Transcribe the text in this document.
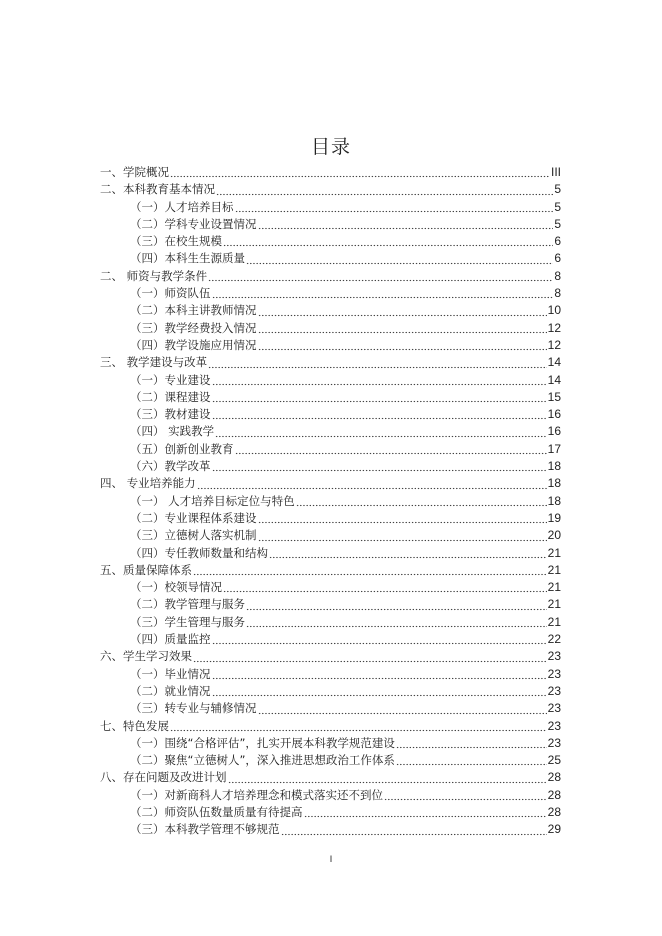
目录
一、学院概况	III
二、本科教育基本情况	5
（一）人才培养目标	5
（二）学科专业设置情况	5
（三）在校生规模	6
（四）本科生生源质量	6
二、 师资与教学条件	8
（一）师资队伍	8
（二）本科主讲教师情况	10
（三）教学经费投入情况	12
（四）教学设施应用情况	12
三、 教学建设与改革	14
（一）专业建设	14
（二）课程建设	15
（三）教材建设	16
（四） 实践教学	16
（五）创新创业教育	17
（六）教学改革	18
四、 专业培养能力	18
（一） 人才培养目标定位与特色	18
（二）专业课程体系建设	19
（三）立德树人落实机制	20
（四）专任教师数量和结构	21
五、质量保障体系	21
（一）校领导情况	21
（二）教学管理与服务	21
（三）学生管理与服务	21
（四）质量监控	22
六、学生学习效果	23
（一）毕业情况	23
（二）就业情况	23
（三）转专业与辅修情况	23
七、特色发展	23
（一）围绕“合格评估”，扎实开展本科教学规范建设	23
（二）聚焦“立德树人”，深入推进思想政治工作体系	25
八、存在问题及改进计划	28
（一）对新商科人才培养理念和模式落实还不到位	28
（二）师资队伍数量质量有待提高	28
（三）本科教学管理不够规范	29
I
